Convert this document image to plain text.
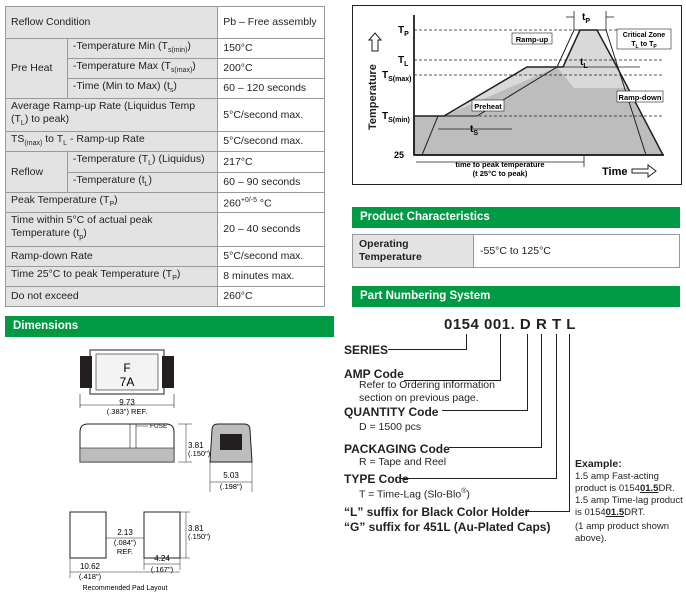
Reflow Condition		Pb – Free assembly
Pre Heat	-Temperature Min $(T_{s(min)})$	150°C
	-Temperature Max $(T_{s(max)})$	200°C
	-Time (Min to Max) $(t_s)$	60 – 120 seconds
Average Ramp-up Rate (Liquidus Temp $(T_L)$ to peak)		5°C/second max.
$TS_{(max)}$ to $T_L$ - Ramp-up Rate		5°C/second max.
Reflow	-Temperature $(T_L)$ (Liquidus)	217°C
	-Temperature $(t_L)$	60 – 90 seconds
Peak Temperature $(T_P)$		$260^{+0/-5}$ °C
Time within 5°C of actual peak Temperature $(t_p)$		20 – 40 seconds
Ramp-down Rate		5°C/second max.
Time 25°C to peak Temperature $(T_P)$		8 minutes max.
Do not exceed		260°C
Temperature
$T_P$
$T_L$
$T_{S(max)}$
$T_{S(min)}$
25
$t_P$
$t_L$
$t_S$
Ramp-up
Preheat
Ramp-down
Critical Zone
$T_L$ to $T_P$
time to peak temperature
(t 25°C to peak)	Time
Product Characteristics
Operating Temperature	-55°C to 125°C
Part Numbering System
0154 001. D R T L
SERIES
AMP Code
Refer to Ordering information section on previous page.
QUANTITY Code
D = 1500 pcs
PACKAGING Code
R = Tape and Reel
TYPE Code
T = Time-Lag (Slo-Blo®)
“L” suffix for Black Color Holder
“G” suffix for 451L (Au-Plated Caps)
Example:
1.5 amp Fast-acting product is 015401.5DR.
1.5 amp Time-lag product is 015401.5DRT.
(1 amp product shown above).
Dimensions
F
7A
9.73
(.383") REF.
FUSE
3.81
(.150")
5.03
(.198")
2.13
(.084")
REF.
3.81
(.150")
4.24
(.167")
10.62
(.418")
Recommended Pad Layout
